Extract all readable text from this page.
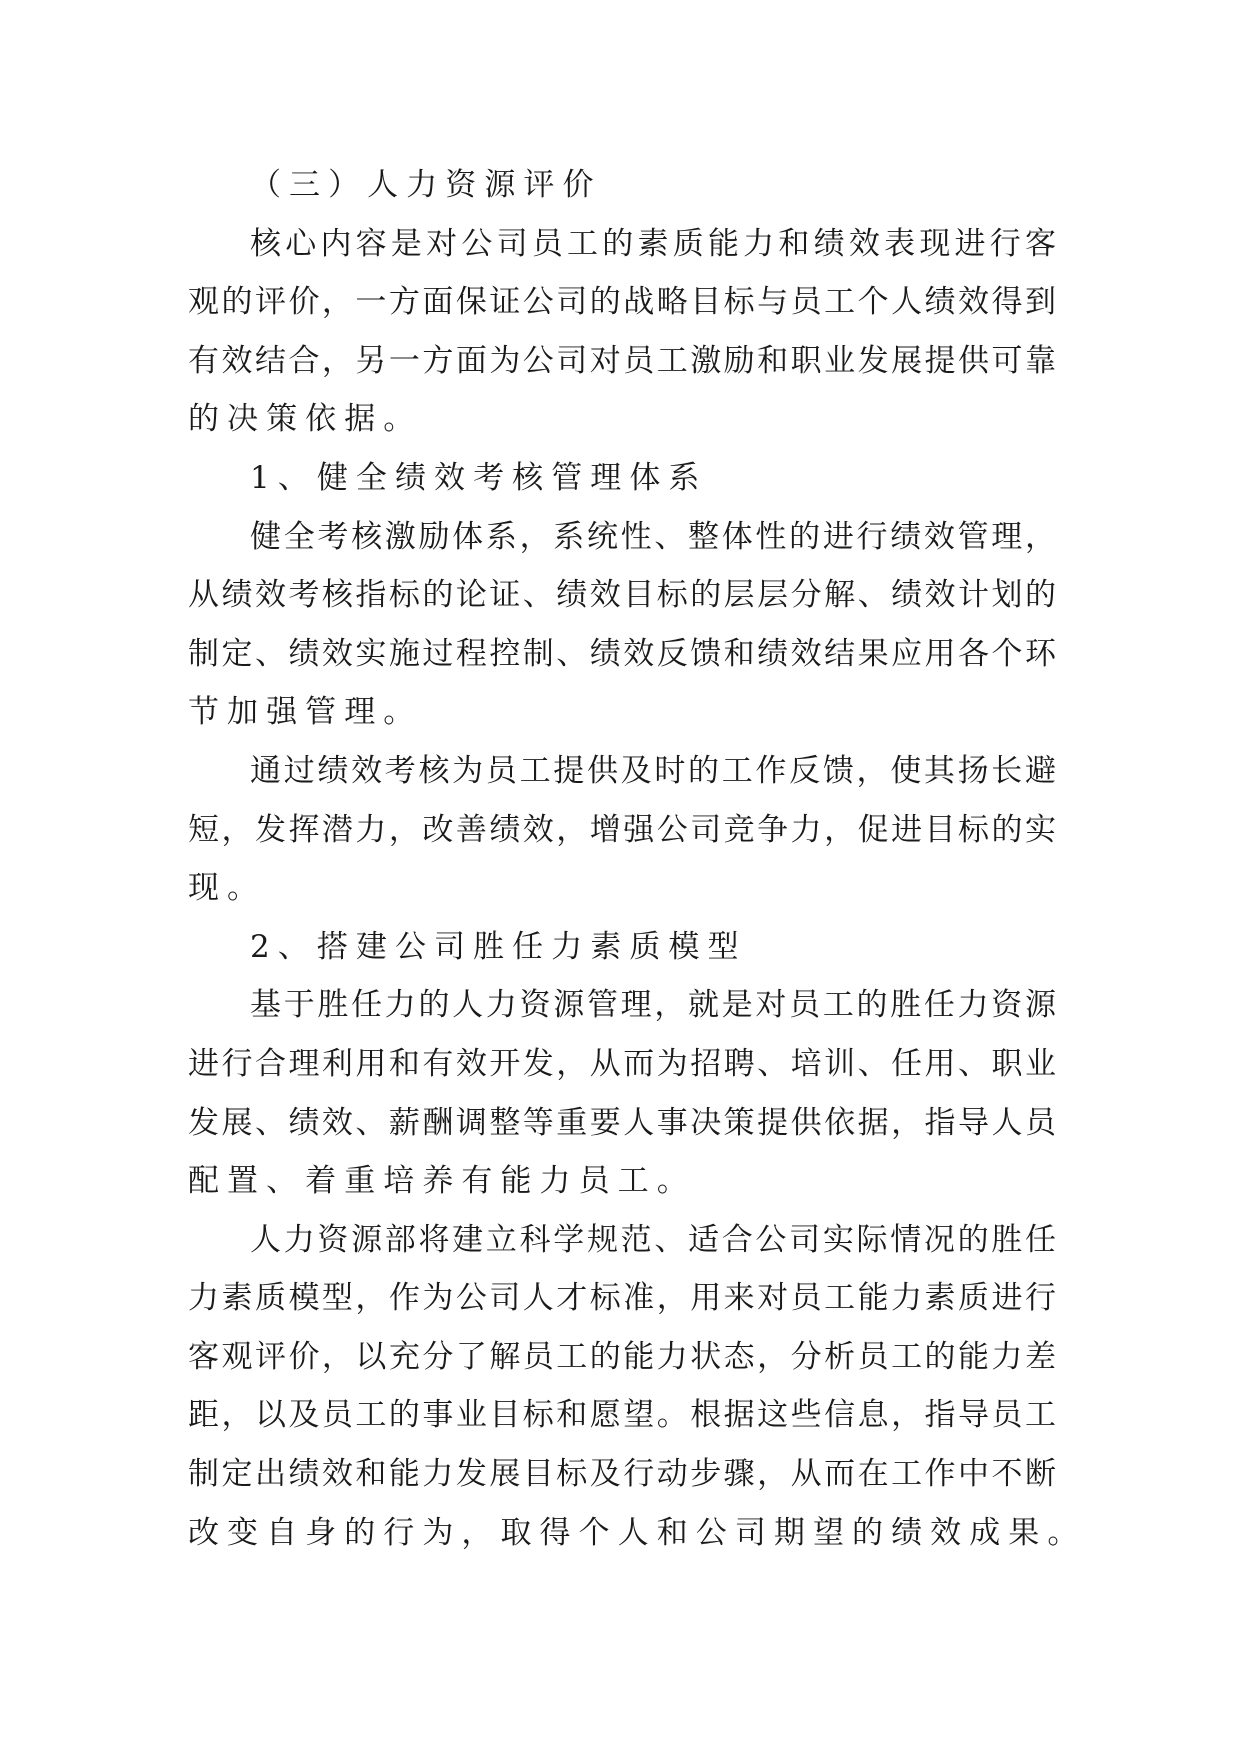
（三）人力资源评价
核心内容是对公司员工的素质能力和绩效表现进行客
观的评价，一方面保证公司的战略目标与员工个人绩效得到
有效结合，另一方面为公司对员工激励和职业发展提供可靠
的决策依据。
1、健全绩效考核管理体系
健全考核激励体系，系统性、整体性的进行绩效管理，
从绩效考核指标的论证、绩效目标的层层分解、绩效计划的
制定、绩效实施过程控制、绩效反馈和绩效结果应用各个环
节加强管理。
通过绩效考核为员工提供及时的工作反馈，使其扬长避
短，发挥潜力，改善绩效，增强公司竞争力，促进目标的实
现。
2、搭建公司胜任力素质模型
基于胜任力的人力资源管理，就是对员工的胜任力资源
进行合理利用和有效开发，从而为招聘、培训、任用、职业
发展、绩效、薪酬调整等重要人事决策提供依据，指导人员
配置、着重培养有能力员工。
人力资源部将建立科学规范、适合公司实际情况的胜任
力素质模型，作为公司人才标准，用来对员工能力素质进行
客观评价，以充分了解员工的能力状态，分析员工的能力差
距，以及员工的事业目标和愿望。根据这些信息，指导员工
制定出绩效和能力发展目标及行动步骤，从而在工作中不断
改变自身的行为，取得个人和公司期望的绩效成果。
